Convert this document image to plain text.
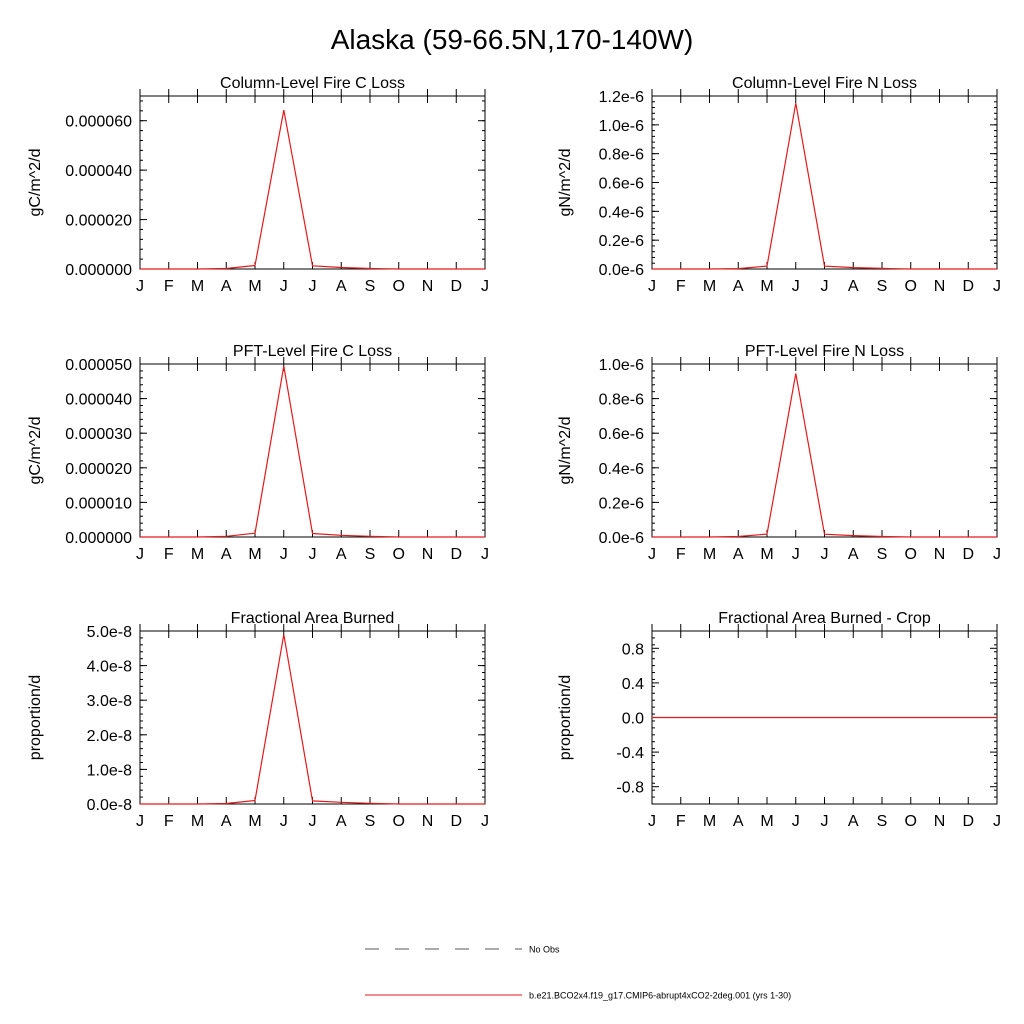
Alaska (59-66.5N,170-140W)
Column-Level Fire C Loss
gC/m^2/d
J F M A M J J A S O N D J
0.000000
0.000020
0.000040
0.000060
Column-Level Fire N Loss
gN/m^2/d
J F M A M J J A S O N D J
0.0e-6
0.2e-6
0.4e-6
0.6e-6
0.8e-6
1.0e-6
1.2e-6
PFT-Level Fire C Loss
gC/m^2/d
J F M A M J J A S O N D J
0.000000
0.000010
0.000020
0.000030
0.000040
0.000050
PFT-Level Fire N Loss
gN/m^2/d
J F M A M J J A S O N D J
0.0e-6
0.2e-6
0.4e-6
0.6e-6
0.8e-6
1.0e-6
Fractional Area Burned
proportion/d
J F M A M J J A S O N D J
0.0e-8
1.0e-8
2.0e-8
3.0e-8
4.0e-8
5.0e-8
Fractional Area Burned - Crop
proportion/d
J F M A M J J A S O N D J
-0.8
-0.4
0.0
0.4
0.8
No Obs
b.e21.BCO2x4.f19_g17.CMIP6-abrupt4xCO2-2deg.001 (yrs 1-30)
